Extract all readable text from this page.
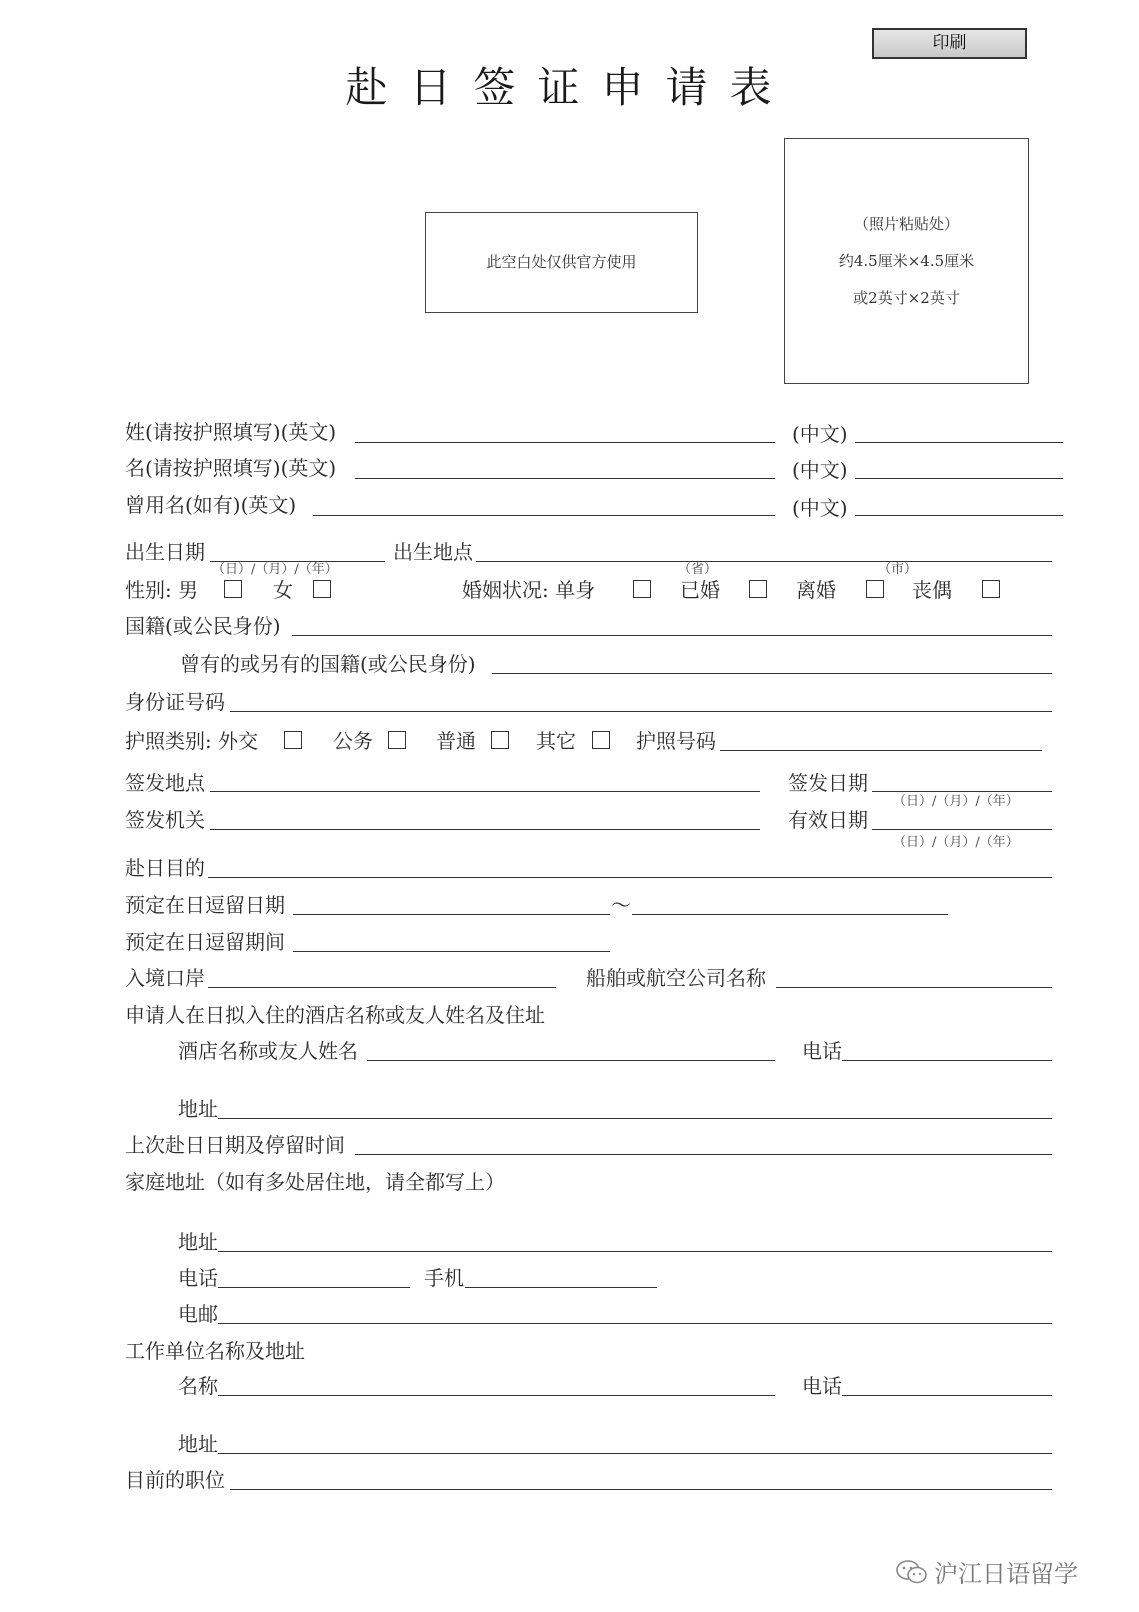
印刷
赴日签证申请表
此空白处仅供官方使用
（照片粘贴处）
约4.5厘米×4.5厘米
或2英寸×2英寸
姓(请按护照填写)(英文)	(中文)
名(请按护照填写)(英文)	(中文)
曾用名(如有)(英文)	(中文)
出生日期
（日）/（月）/（年）
出生地点
（省）	（市）
性别: 男	女	婚姻状况: 单身	已婚	离婚	丧偶
国籍(或公民身份)
曾有的或另有的国籍(或公民身份)
身份证号码
护照类别: 外交	公务	普通	其它	护照号码
签发地点	签发日期
（日）/（月）/（年）
签发机关	有效日期
（日）/（月）/（年）
赴日目的
预定在日逗留日期	～
预定在日逗留期间
入境口岸	船舶或航空公司名称
申请人在日拟入住的酒店名称或友人姓名及住址
酒店名称或友人姓名	电话
地址
上次赴日日期及停留时间
家庭地址（如有多处居住地，请全都写上）
地址
电话	手机
电邮
工作单位名称及地址
名称	电话
地址
目前的职位
沪江日语留学
